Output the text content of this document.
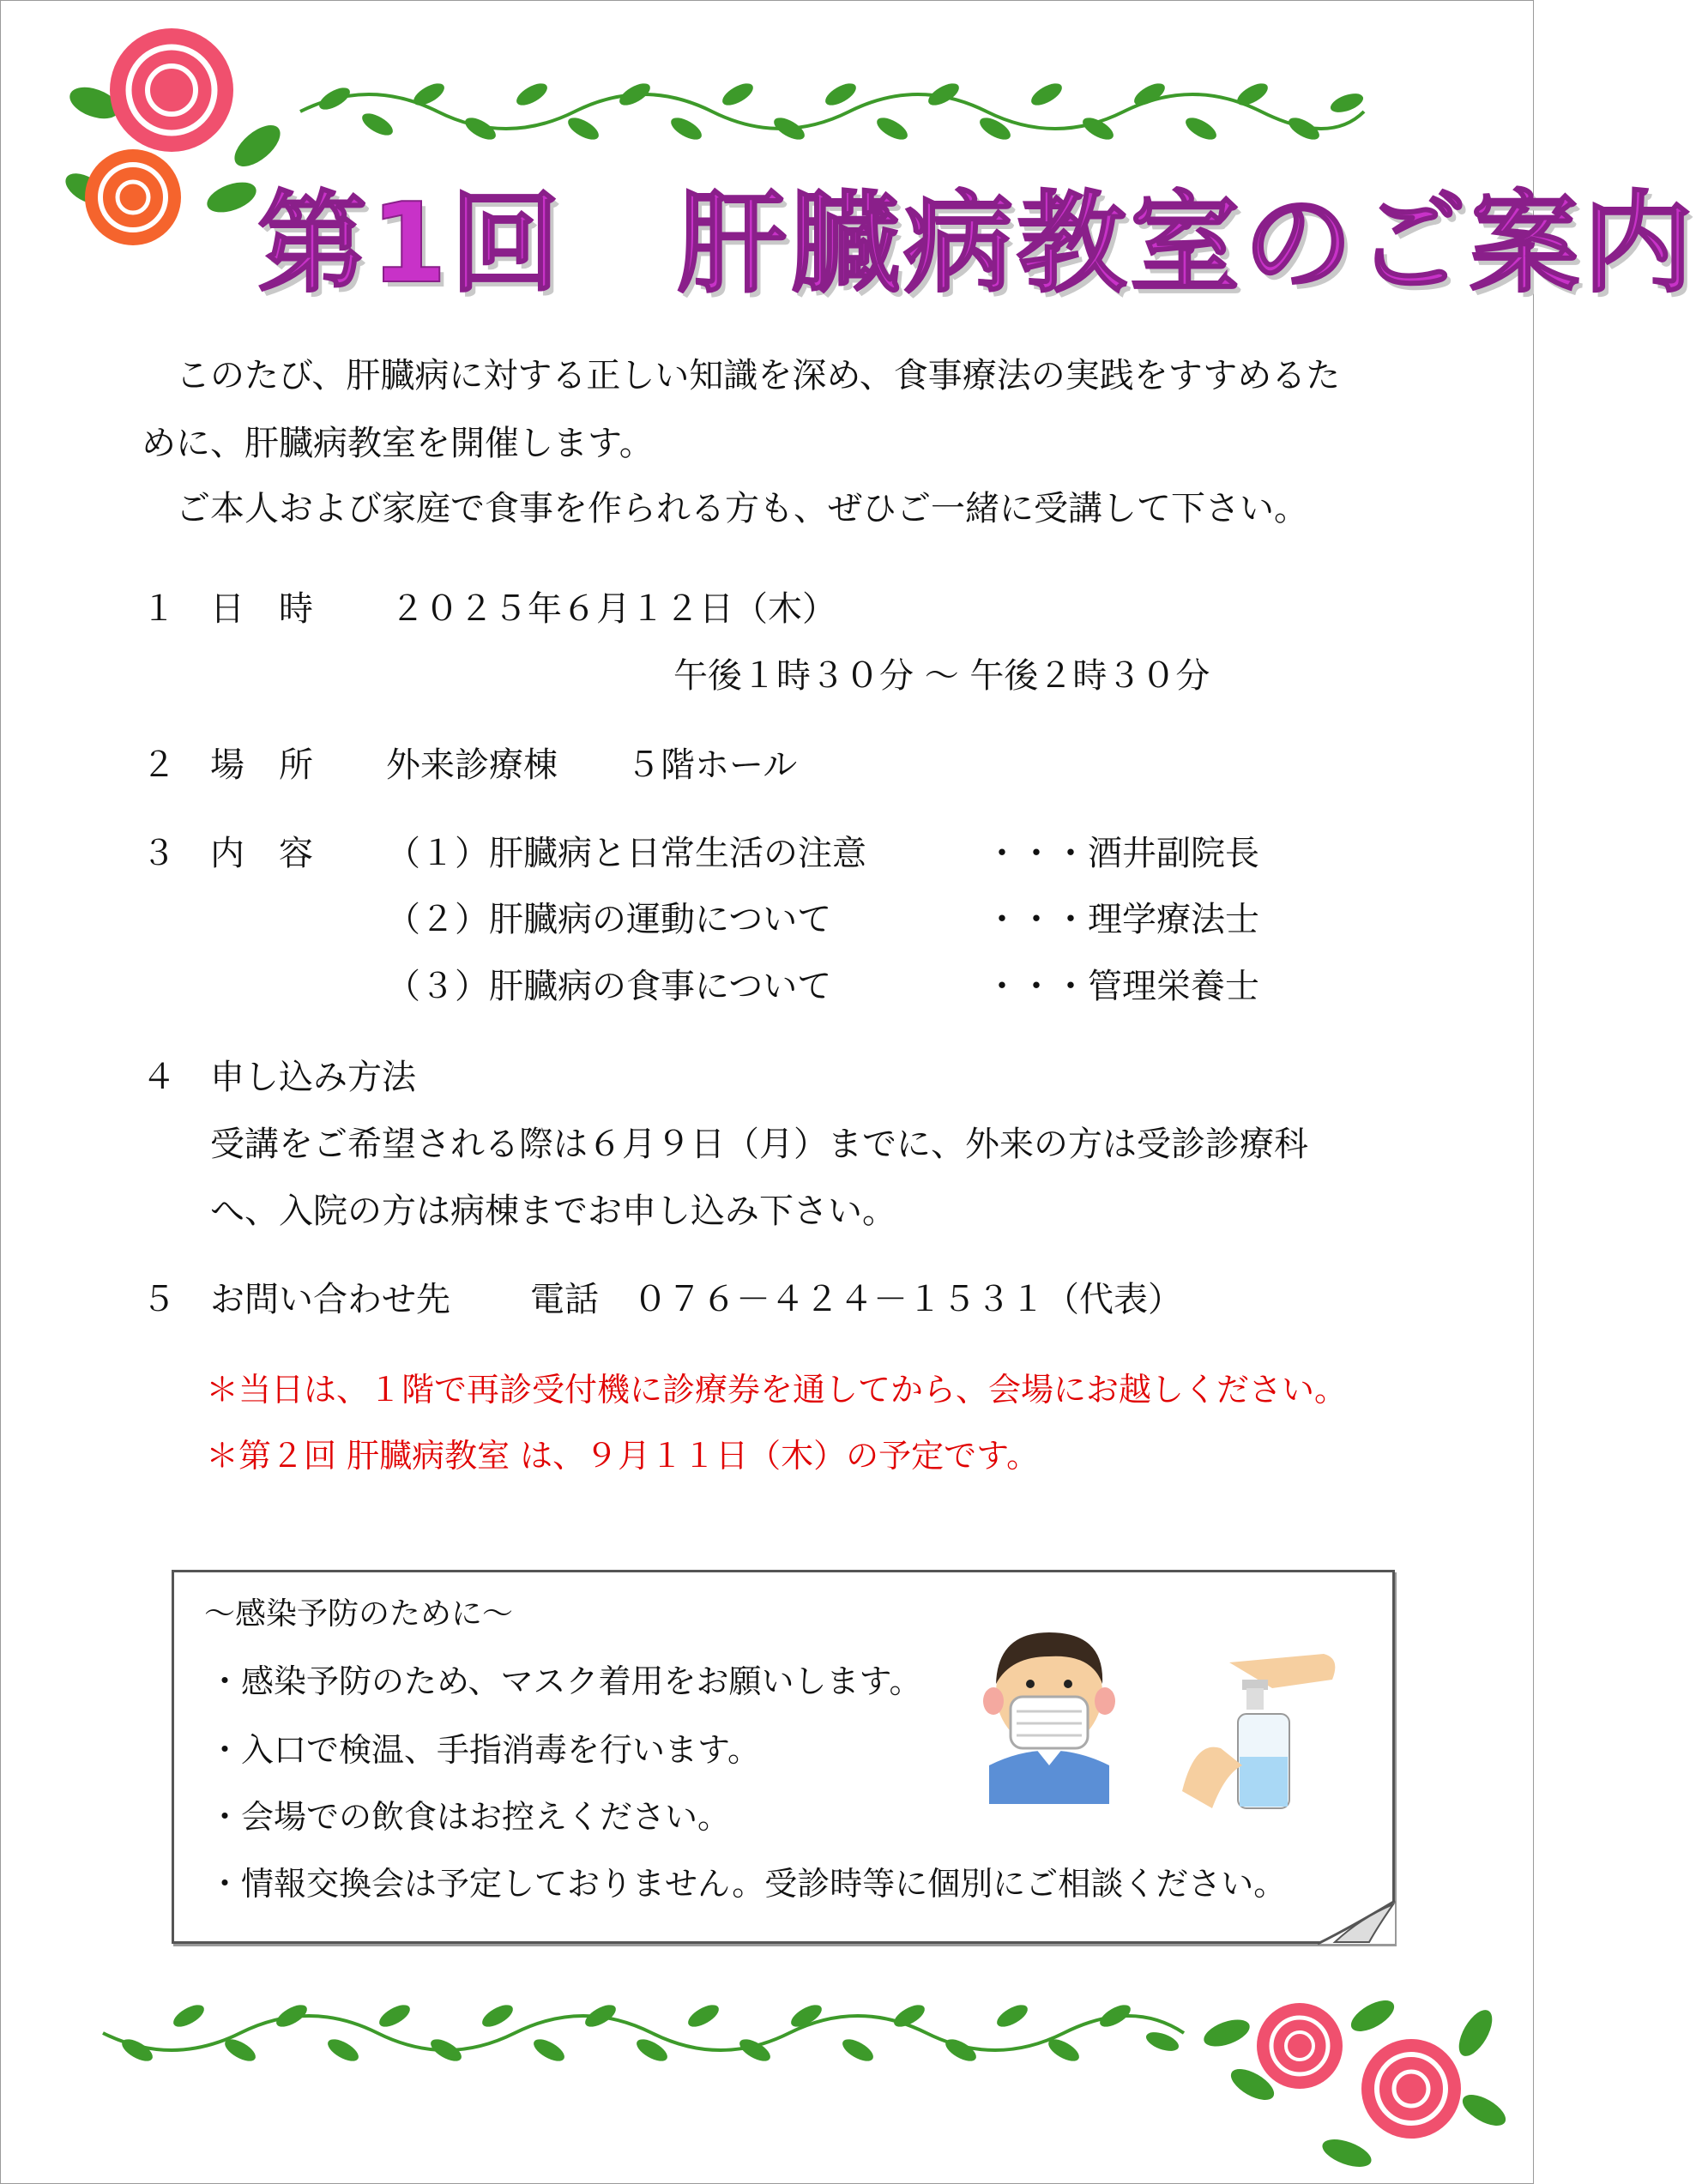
第1回　肝臓病教室のご案内
このたび、肝臓病に対する正しい知識を深め、食事療法の実践をすすめるた
めに、肝臓病教室を開催します。
ご本人および家庭で食事を作られる方も、ぜひご一緒に受講して下さい。
１ 日　時 ２０２５年６月１２日（木）
午後１時３０分 ～ 午後２時３０分
２ 場　所 外来診療棟　　５階ホール
３ 内　容 （１）肝臓病と日常生活の注意	・・・酒井副院長
（２）肝臓病の運動について	・・・理学療法士
（３）肝臓病の食事について	・・・管理栄養士
４ 申し込み方法
受講をご希望される際は６月９日（月）までに、外来の方は受診診療科
へ、入院の方は病棟までお申し込み下さい。
５ お問い合わせ先 電話　０７６－４２４－１５３１（代表）
＊当日は、１階で再診受付機に診療券を通してから、会場にお越しください。
＊第２回 肝臓病教室 は、９月１１日（木）の予定です。
～感染予防のために～
・感染予防のため、マスク着用をお願いします。
・入口で検温、手指消毒を行います。
・会場での飲食はお控えください。
・情報交換会は予定しておりません。受診時等に個別にご相談ください。
